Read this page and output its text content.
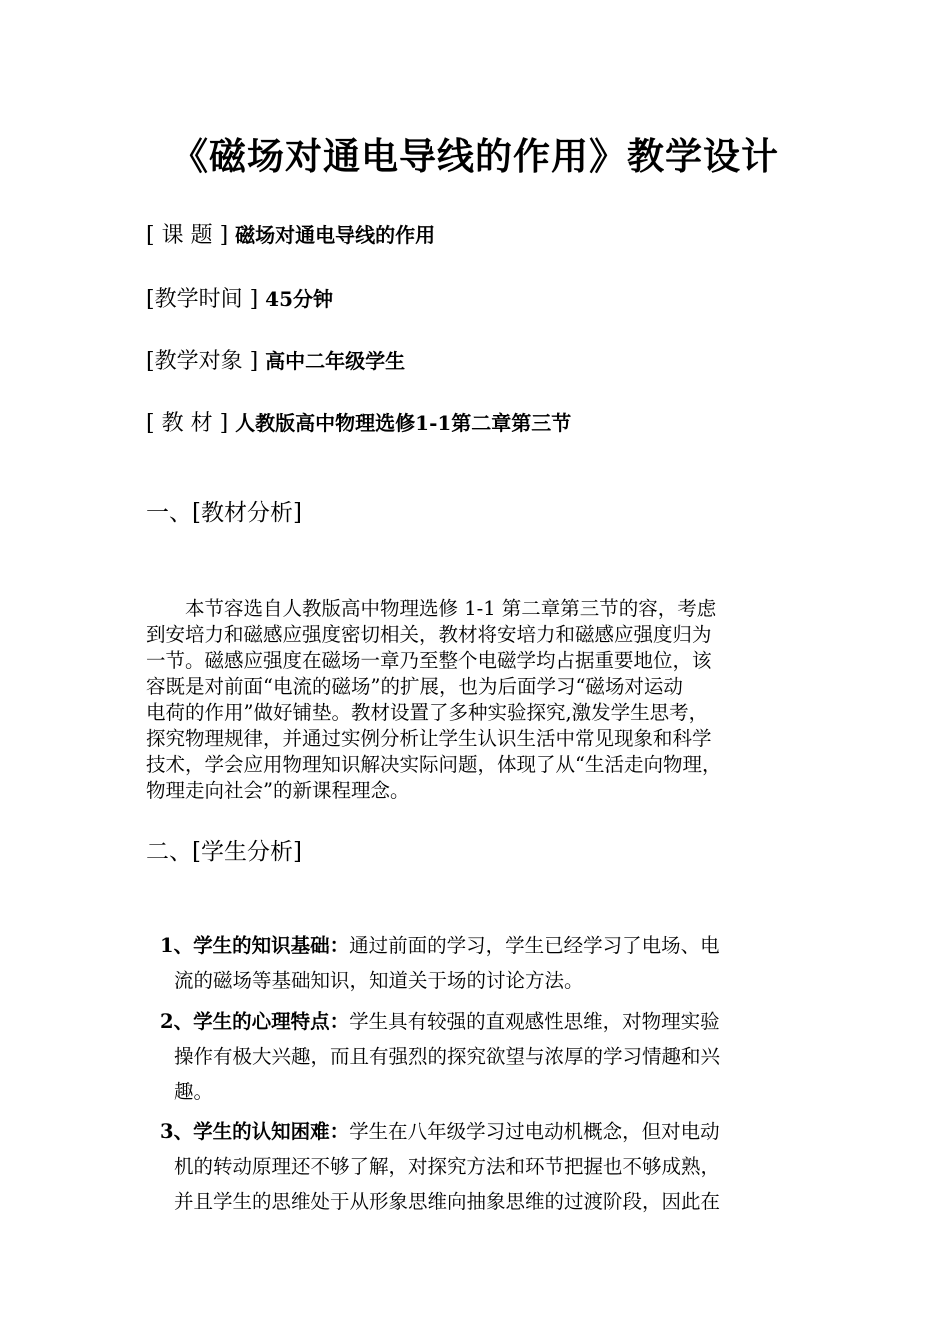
《磁场对通电导线的作用》教学设计
[ 课 题 ] 磁场对通电导线的作用
[教学时间 ] 45分钟
[教学对象 ] 高中二年级学生
[ 教 材 ] 人教版高中物理选修1-1第二章第三节
一、[教材分析]

　　本节容选自人教版高中物理选修 1-1 第二章第三节的容，考虑

到安培力和磁感应强度密切相关，教材将安培力和磁感应强度归为

一节。磁感应强度在磁场一章乃至整个电磁学均占据重要地位，该

容既是对前面“电流的磁场”的扩展，也为后面学习“磁场对运动

电荷的作用”做好铺垫。教材设置了多种实验探究,激发学生思考，

探究物理规律，并通过实例分析让学生认识生活中常见现象和科学

技术，学会应用物理知识解决实际问题，体现了从“生活走向物理，

物理走向社会”的新课程理念。

二、[学生分析]
1、学生的知识基础：通过前面的学习，学生已经学习了电场、电
流的磁场等基础知识，知道关于场的讨论方法。
2、学生的心理特点：学生具有较强的直观感性思维，对物理实验
操作有极大兴趣，而且有强烈的探究欲望与浓厚的学习情趣和兴
趣。
3、学生的认知困难：学生在八年级学习过电动机概念，但对电动
机的转动原理还不够了解，对探究方法和环节把握也不够成熟，
并且学生的思维处于从形象思维向抽象思维的过渡阶段，因此在
